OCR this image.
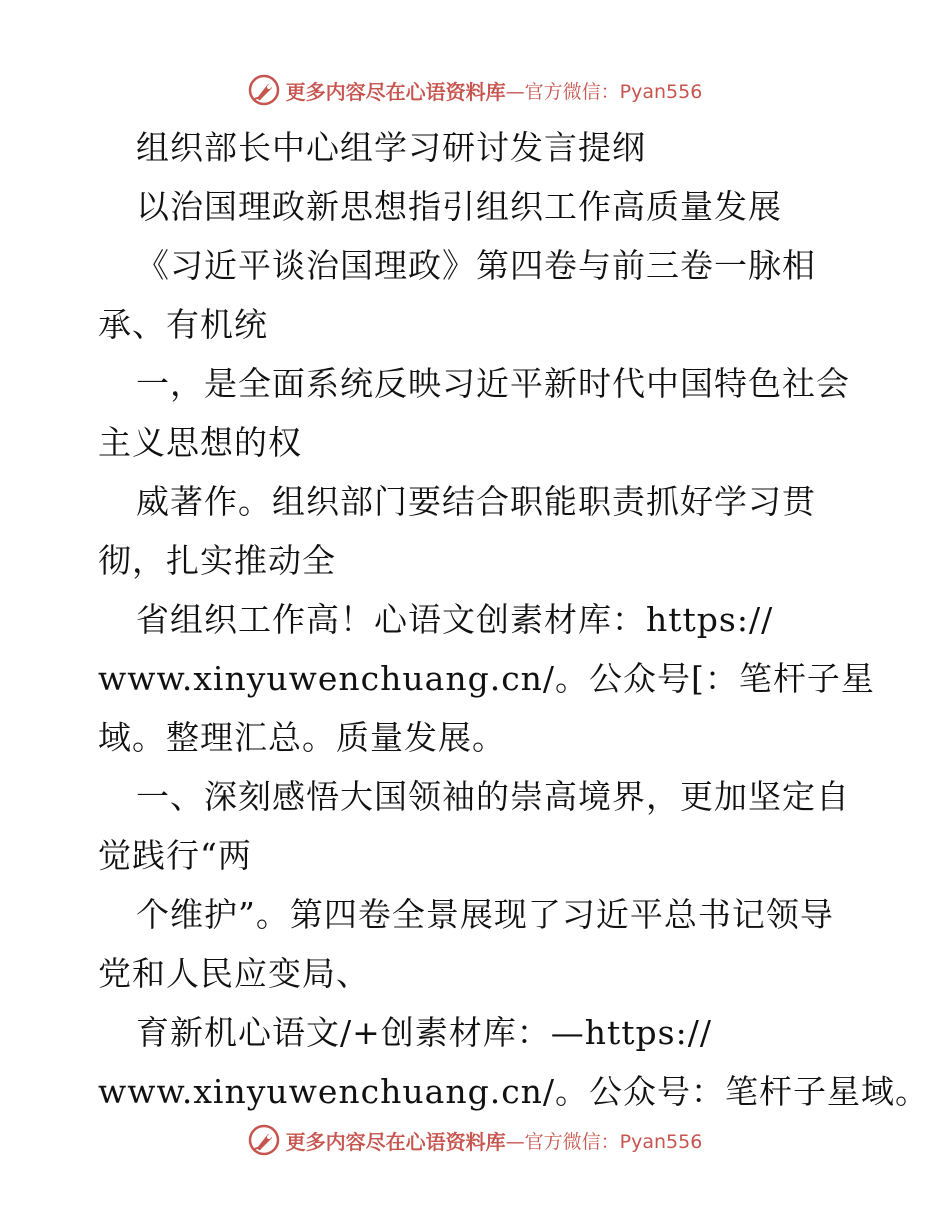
更多内容尽在心语资料库 —官方微信：Pyan556
组织部长中心组学习研讨发言提纲
以治国理政新思想指引组织工作高质量发展
《习近平谈治国理政》第四卷与前三卷一脉相
承、有机统
一，是全面系统反映习近平新时代中国特色社会
主义思想的权
威著作。组织部门要结合职能职责抓好学习贯
彻，扎实推动全
省组织工作高！心语文创素材库：https://
www.xinyuwenchuang.cn/。公众号[：笔杆子星
域。整理汇总。质量发展。
一、深刻感悟大国领袖的崇高境界，更加坚定自
觉践行“两
个维护”。第四卷全景展现了习近平总书记领导
党和人民应变局、
育新机心语文/+创素材库：—https://
www.xinyuwenchuang.cn/。公众号：笔杆子星域。
更多内容尽在心语资料库 —官方微信：Pyan556
